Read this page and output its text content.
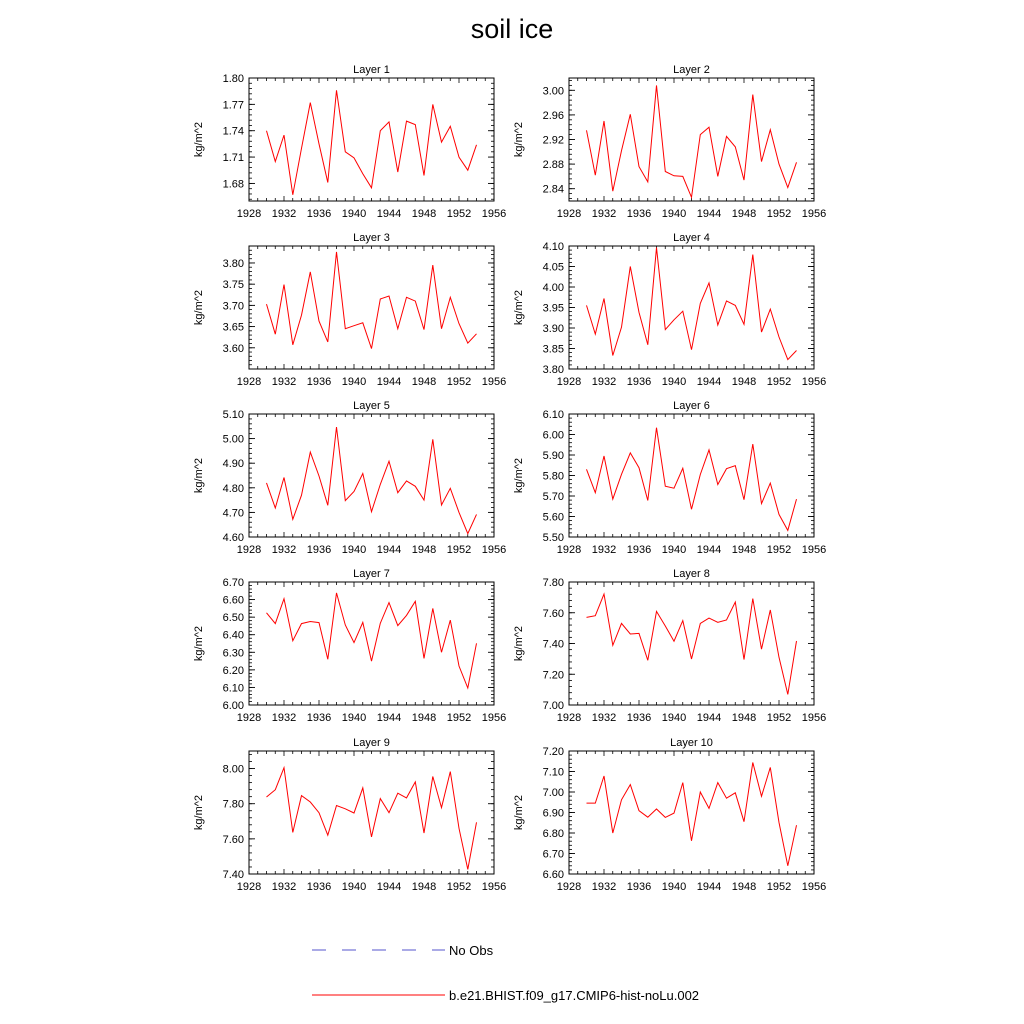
soil ice
Layer 1
1928 1932 1936 1940 1944 1948 1952 1956
1.68
1.71
1.74
1.77
1.80
kg/m^2
Layer 2
1928 1932 1936 1940 1944 1948 1952 1956
2.84
2.88
2.92
2.96
3.00
kg/m^2
Layer 3
1928 1932 1936 1940 1944 1948 1952 1956
3.60
3.65
3.70
3.75
3.80
kg/m^2
Layer 4
1928 1932 1936 1940 1944 1948 1952 1956
3.80
3.85
3.90
3.95
4.00
4.05
4.10
kg/m^2
Layer 5
1928 1932 1936 1940 1944 1948 1952 1956
4.60
4.70
4.80
4.90
5.00
5.10
kg/m^2
Layer 6
1928 1932 1936 1940 1944 1948 1952 1956
5.50
5.60
5.70
5.80
5.90
6.00
6.10
kg/m^2
Layer 7
1928 1932 1936 1940 1944 1948 1952 1956
6.00
6.10
6.20
6.30
6.40
6.50
6.60
6.70
kg/m^2
Layer 8
1928 1932 1936 1940 1944 1948 1952 1956
7.00
7.20
7.40
7.60
7.80
kg/m^2
Layer 9
1928 1932 1936 1940 1944 1948 1952 1956
7.40
7.60
7.80
8.00
kg/m^2
Layer 10
1928 1932 1936 1940 1944 1948 1952 1956
6.60
6.70
6.80
6.90
7.00
7.10
7.20
kg/m^2
No Obs
b.e21.BHIST.f09_g17.CMIP6-hist-noLu.002
